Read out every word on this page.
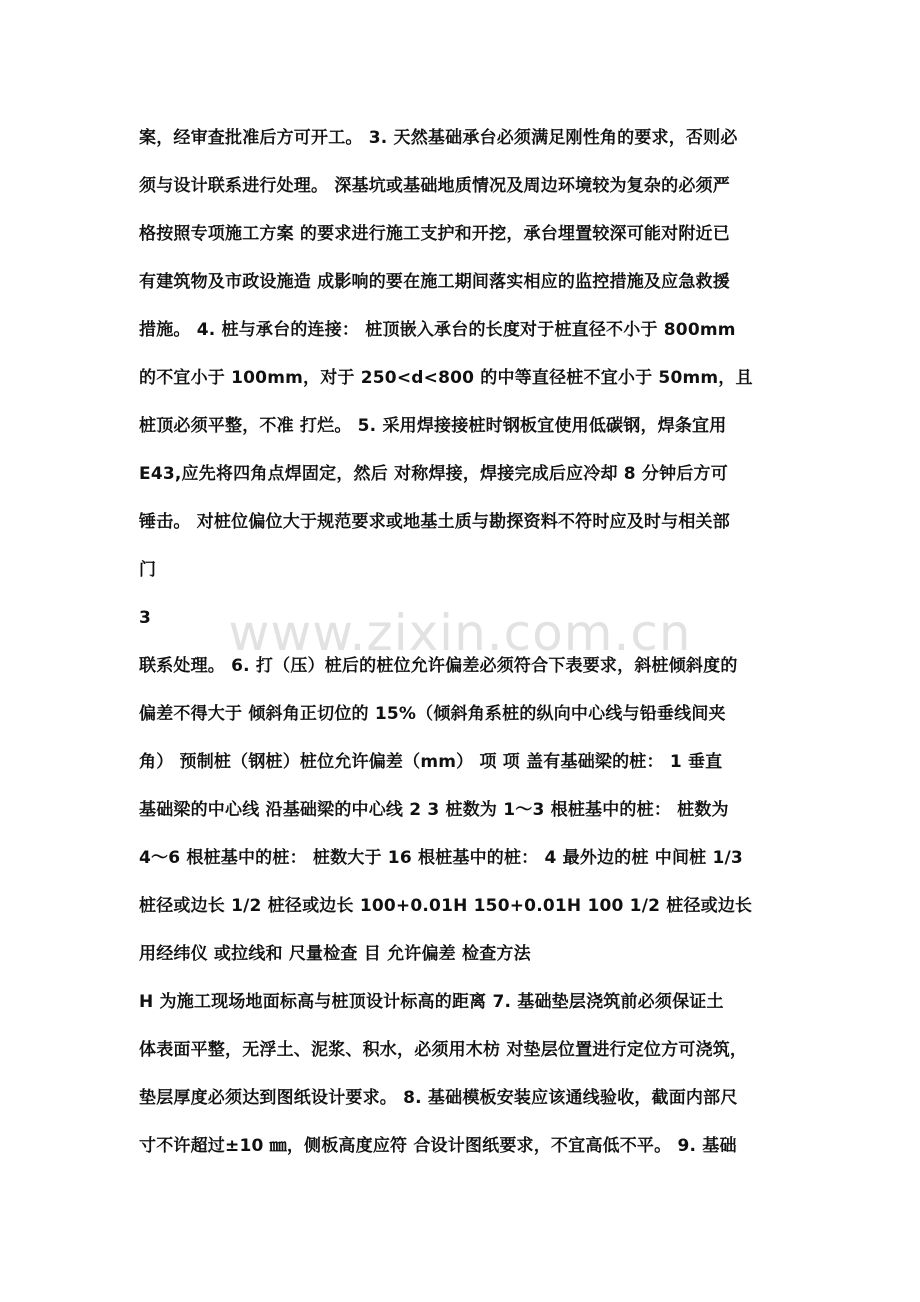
案，经审查批准后方可开工。 3. 天然基础承台必须满足刚性角的要求，否则必
须与设计联系进行处理。 深基坑或基础地质情况及周边环境较为复杂的必须严
格按照专项施工方案 的要求进行施工支护和开挖，承台埋置较深可能对附近已
有建筑物及市政设施造 成影响的要在施工期间落实相应的监控措施及应急救援
措施。 4. 桩与承台的连接： 桩顶嵌入承台的长度对于桩直径不小于 800mm
的不宜小于 100mm，对于 250<d<800 的中等直径桩不宜小于 50mm，且
桩顶必须平整，不准 打烂。 5. 采用焊接接桩时钢板宜使用低碳钢，焊条宜用
E43,应先将四角点焊固定，然后 对称焊接，焊接完成后应冷却 8 分钟后方可
锤击。 对桩位偏位大于规范要求或地基土质与勘探资料不符时应及时与相关部
门
3
联系处理。 6. 打（压）桩后的桩位允许偏差必须符合下表要求，斜桩倾斜度的
偏差不得大于 倾斜角正切位的 15%（倾斜角系桩的纵向中心线与铅垂线间夹
角） 预制桩（钢桩）桩位允许偏差（mm） 项 项 盖有基础梁的桩： 1 垂直
基础梁的中心线 沿基础梁的中心线 2 3 桩数为 1～3 根桩基中的桩： 桩数为
4～6 根桩基中的桩： 桩数大于 16 根桩基中的桩： 4 最外边的桩 中间桩 1/3
桩径或边长 1/2 桩径或边长 100+0.01H 150+0.01H 100 1/2 桩径或边长
用经纬仪 或拉线和 尺量检查 目 允许偏差 检查方法
H 为施工现场地面标高与桩顶设计标高的距离 7. 基础垫层浇筑前必须保证土
体表面平整，无浮土、泥浆、积水，必须用木枋 对垫层位置进行定位方可浇筑，
垫层厚度必须达到图纸设计要求。 8. 基础模板安装应该通线验收，截面内部尺
寸不许超过±10 ㎜，侧板高度应符 合设计图纸要求，不宜高低不平。 9. 基础
www.zixin.com.cn
